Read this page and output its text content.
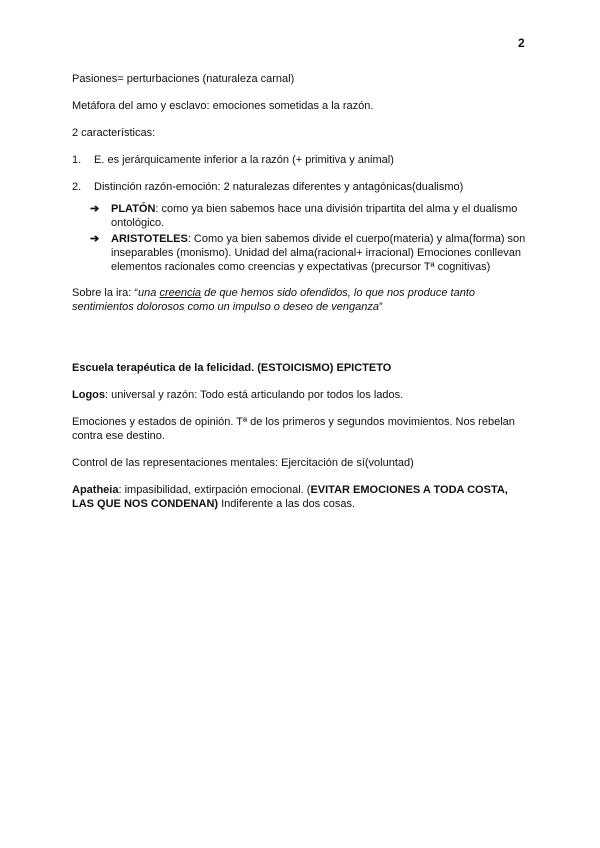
2

Pasiones= perturbaciones (naturaleza carnal)

Metáfora del amo y esclavo: emociones sometidas a la razón.

2 características:

1.	E. es jerárquicamente inferior a la razón (+ primitiva y animal)
2.	Distinción razón-emoción: 2 naturalezas diferentes y antagónicas(dualismo)
➔	PLATÓN: como ya bien sabemos hace una división tripartita del alma y el dualismo ontológico.
➔	ARISTOTELES: Como ya bien sabemos divide el cuerpo(materia) y alma(forma) son inseparables (monismo). Unidad del alma(racional+ irracional) Emociones conllevan elementos racionales como creencias y expectativas (precursor Tª cognitivas)

Sobre la ira: “una creencia de que hemos sido ofendidos, lo que nos produce tanto sentimientos dolorosos como un impulso o deseo de venganza”

Escuela terapéutica de la felicidad. (ESTOICISMO) EPICTETO

Logos: universal y razón: Todo está articulando por todos los lados.

Emociones y estados de opinión. Tª de los primeros y segundos movimientos. Nos rebelan contra ese destino.

Control de las representaciones mentales: Ejercitación de sí(voluntad)

Apatheia: impasibilidad, extirpación emocional. (EVITAR EMOCIONES A TODA COSTA, LAS QUE NOS CONDENAN) Indiferente a las dos cosas.
